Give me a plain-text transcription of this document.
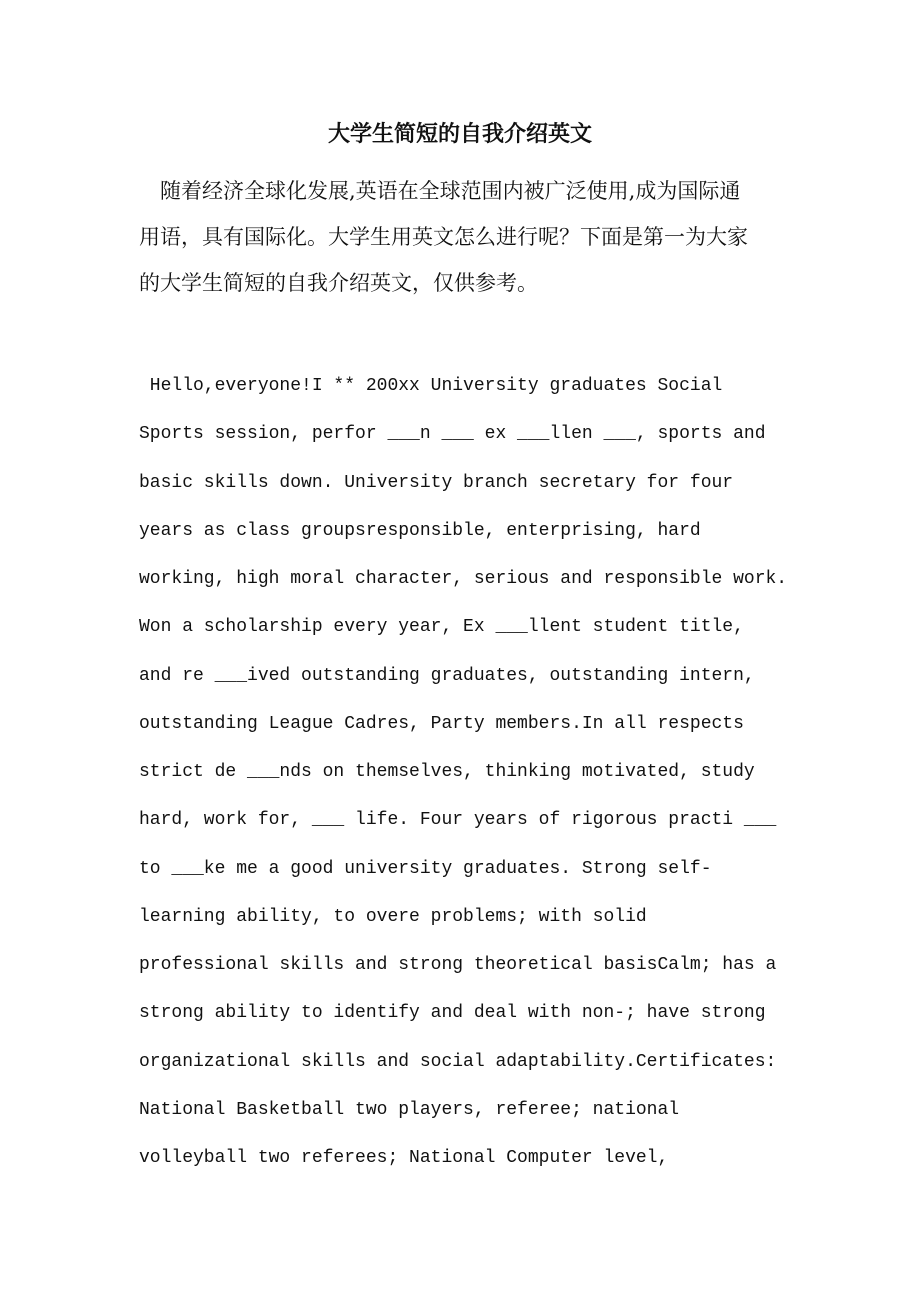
大学生简短的自我介绍英文

　随着经济全球化发展,英语在全球范围内被广泛使用,成为国际通
用语，具有国际化。大学生用英文怎么进行呢？下面是第一为大家
的大学生简短的自我介绍英文，仅供参考。

Hello,everyone!I ** 200xx University graduates Social
Sports session, perfor ___n ___ ex ___llen ___, sports and
basic skills down. University branch secretary for four
years as class groupsresponsible, enterprising, hard
working, high moral character, serious and responsible work.
Won a scholarship every year, Ex ___llent student title,
and re ___ived outstanding graduates, outstanding intern,
outstanding League Cadres, Party members.In all respects
strict de ___nds on themselves, thinking motivated, study
hard, work for, ___ life. Four years of rigorous practi ___
to ___ke me a good university graduates. Strong self-
learning ability, to overe problems; with solid
professional skills and strong theoretical basisCalm; has a
strong ability to identify and deal with non-; have strong
organizational skills and social adaptability.Certificates:
National Basketball two players, referee; national
volleyball two referees; National Computer level,
